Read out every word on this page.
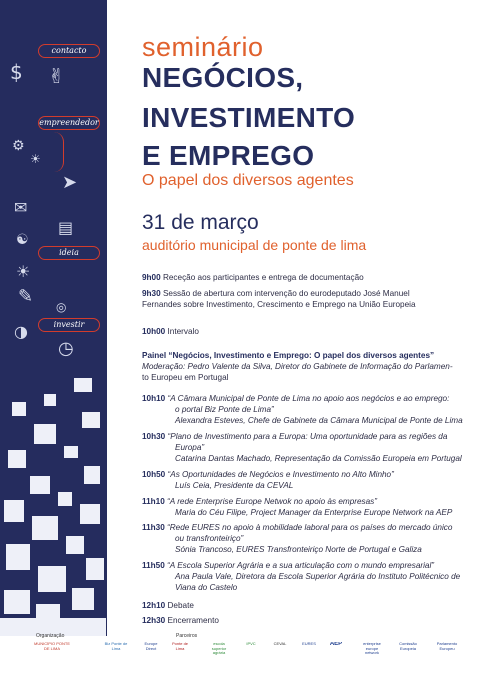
contacto
$ ✌
empreendedor
⚙
☀
➤
✉
▤
☯
ideia
☀
✎ ◎
investir
◑
◷
seminário
NEGÓCIOS,
INVESTIMENTO
E EMPREGO
O papel dos diversos agentes
31 de março
auditório municipal de ponte de lima
9h00 Receção aos participantes e entrega de documentação
9h30 Sessão de abertura com intervenção do eurodeputado José Manuel
Fernandes sobre Investimento, Crescimento e Emprego na União Europeia
10h00 Intervalo
Painel “Negócios, Investimento e Emprego: O papel dos diversos agentes”
Moderação: Pedro Valente da Silva, Diretor do Gabinete de Informação do Parlamen-
to Europeu em Portugal
10h10 “A Câmara Municipal de Ponte de Lima no apoio aos negócios e ao emprego:
o portal Biz Ponte de Lima”
Alexandra Esteves, Chefe de Gabinete da Câmara Municipal de Ponte de Lima
10h30 “Plano de Investimento para a Europa: Uma oportunidade para as regiões da
Europa”
Catarina Dantas Machado, Representação da Comissão Europeia em Portugal
10h50 “As Oportunidades de Negócios e Investimento no Alto Minho”
Luís Ceia, Presidente da CEVAL
11h10 “A rede Enterprise Europe Netwok no apoio às empresas”
Maria do Céu Filipe, Project Manager da Enterprise Europe Network na AEP
11h30 “Rede EURES no apoio à mobilidade laboral para os países do mercado único
ou transfronteiriço”
Sónia Trancoso, EURES Transfronteiriço Norte de Portugal e Galiza
11h50 “A Escola Superior Agrária e a sua articulação com o mundo empresarial”
Ana Paula Vale, Diretora da Escola Superior Agrária do Instituto Politécnico de
Viana do Castelo
12h10 Debate
12h30 Encerramento
Organização	Parceiros
MUNICÍPIO PONTE DE LIMA
Biz Ponte de Lima
Europe Direct
Ponte de Lima
escola superior agrária
IPVC	CEVAL	EURES	AEP	enterprise europe network
Comissão Europeia
Parlamento Europeu
